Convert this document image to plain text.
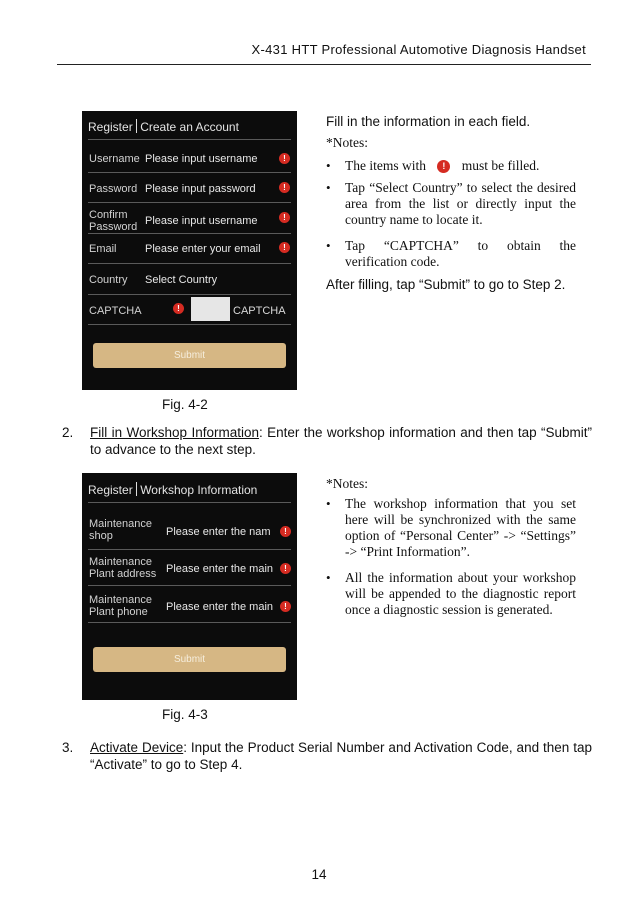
X-431 HTT Professional Automotive Diagnosis Handset
Register Create an Account
Username Please input username	!
Password Please input password	!
Confirm Password Please input username	!
Email	Please enter your email	!
Country Select Country
CAPTCHA	!	CAPTCHA
Submit
Fig. 4-2
Fill in the information in each field.
*Notes:
• The items with ! must be filled.
• Tap “Select Country” to select the desired area from the list or directly input the country name to locate it.
• Tap “CAPTCHA” to obtain the verification code.
After filling, tap “Submit” to go to Step 2.
2. Fill in Workshop Information: Enter the workshop information and then tap “Submit” to advance to the next step.
Register Workshop Information
Maintenance
shop	Please enter the nam	!
Maintenance
Plant address Please enter the main	!
Maintenance
Plant phone	Please enter the main	!
Submit
Fig. 4-3
*Notes:
• The workshop information that you set here will be synchronized with the same option of “Personal Center” -> “Settings” -> “Print Information”.
• All the information about your workshop will be appended to the diagnostic report once a diagnostic session is generated.
3. Activate Device: Input the Product Serial Number and Activation Code, and then tap “Activate” to go to Step 4.
14
